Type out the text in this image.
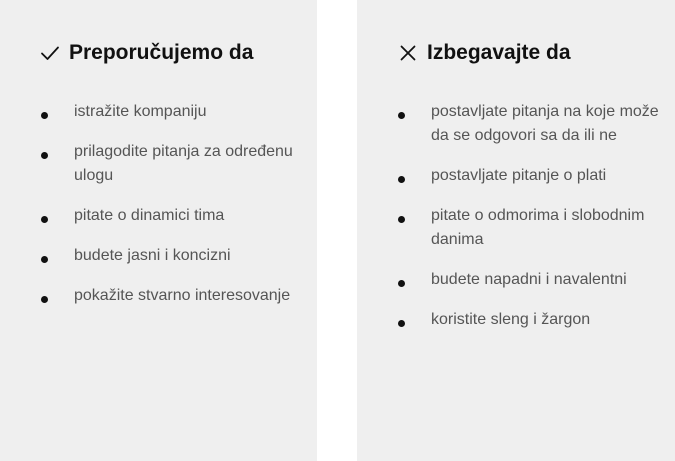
Preporučujemo da
istražite kompaniju
prilagodite pitanja za određenu ulogu
pitate o dinamici tima
budete jasni i koncizni
pokažite stvarno interesovanje
Izbegavajte da
postavljate pitanja na koje može da se odgovori sa da ili ne
postavljate pitanje o plati
pitate o odmorima i slobodnim danima
budete napadni i navalentni
koristite sleng i žargon
